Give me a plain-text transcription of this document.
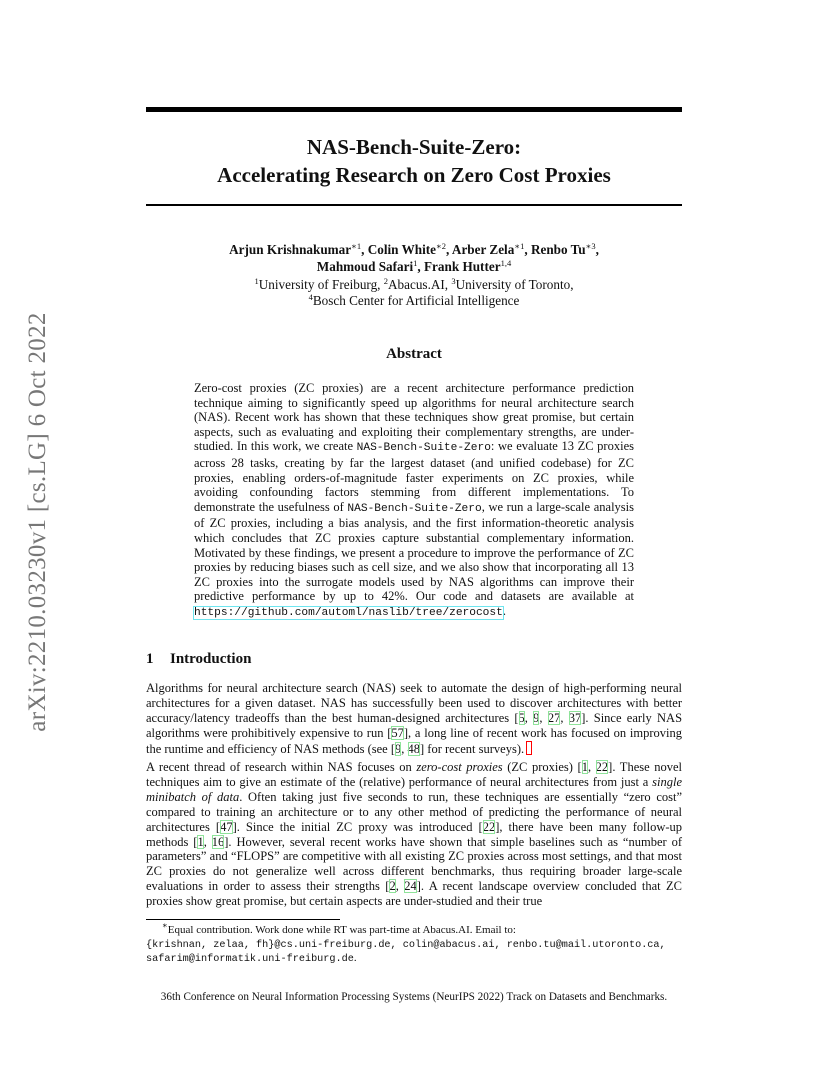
arXiv:2210.03230v1 [cs.LG] 6 Oct 2022
NAS-Bench-Suite-Zero:
Accelerating Research on Zero Cost Proxies
Arjun Krishnakumar$^{∗1}$, Colin White$^{∗2}$, Arber Zela$^{∗1}$, Renbo $Tu^{∗3}$,
Mahmoud Safari$^1$, Frank Hutter$^{1,4}$
$^1$University of Freiburg, $^2$Abacus.AI, $^3$University of Toronto,
$^4$Bosch Center for Artificial Intelligence
Abstract
Zero-cost proxies (ZC proxies) are a recent architecture performance prediction technique aiming to significantly speed up algorithms for neural architecture search (NAS). Recent work has shown that these techniques show great promise, but certain aspects, such as evaluating and exploiting their complementary strengths, are under-studied. In this work, we create NAS-Bench-Suite-Zero: we evaluate 13 ZC proxies across 28 tasks, creating by far the largest dataset (and unified codebase) for ZC proxies, enabling orders-of-magnitude faster experiments on ZC proxies, while avoiding confounding factors stemming from different implementations. To demonstrate the usefulness of NAS-Bench-Suite-Zero, we run a large-scale analysis of ZC proxies, including a bias analysis, and the first information-theoretic analysis which concludes that ZC proxies capture substantial complementary information. Motivated by these findings, we present a procedure to improve the performance of ZC proxies by reducing biases such as cell size, and we also show that incorporating all 13 ZC proxies into the surrogate models used by NAS algorithms can improve their predictive performance by up to 42%. Our code and datasets are available at https://github.com/automl/naslib/tree/zerocost.
1 Introduction
Algorithms for neural architecture search (NAS) seek to automate the design of high-performing neural architectures for a given dataset. NAS has successfully been used to discover architectures with better accuracy/latency tradeoffs than the best human-designed architectures [5, 9, 27, 37]. Since early NAS algorithms were prohibitively expensive to run [57], a long line of recent work has focused on improving the runtime and efficiency of NAS methods (see [9, 48] for recent surveys).
A recent thread of research within NAS focuses on zero-cost proxies (ZC proxies) [1, 22]. These novel techniques aim to give an estimate of the (relative) performance of neural architectures from just a single minibatch of data. Often taking just five seconds to run, these techniques are essentially “zero cost” compared to training an architecture or to any other method of predicting the performance of neural architectures [47]. Since the initial ZC proxy was introduced [22], there have been many follow-up methods [1, 16]. However, several recent works have shown that simple baselines such as “number of parameters” and “FLOPS” are competitive with all existing ZC proxies across most settings, and that most ZC proxies do not generalize well across different benchmarks, thus requiring broader large-scale evaluations in order to assess their strengths [2, 24]. A recent landscape overview concluded that ZC proxies show great promise, but certain aspects are under-studied and their true
∗Equal contribution. Work done while RT was part-time at Abacus.AI. Email to:
{krishnan, zelaa, fh}@cs.uni-freiburg.de, colin@abacus.ai, renbo.tu@mail.utoronto.ca,
safarim@informatik.uni-freiburg.de.
36th Conference on Neural Information Processing Systems (NeurIPS 2022) Track on Datasets and Benchmarks.
